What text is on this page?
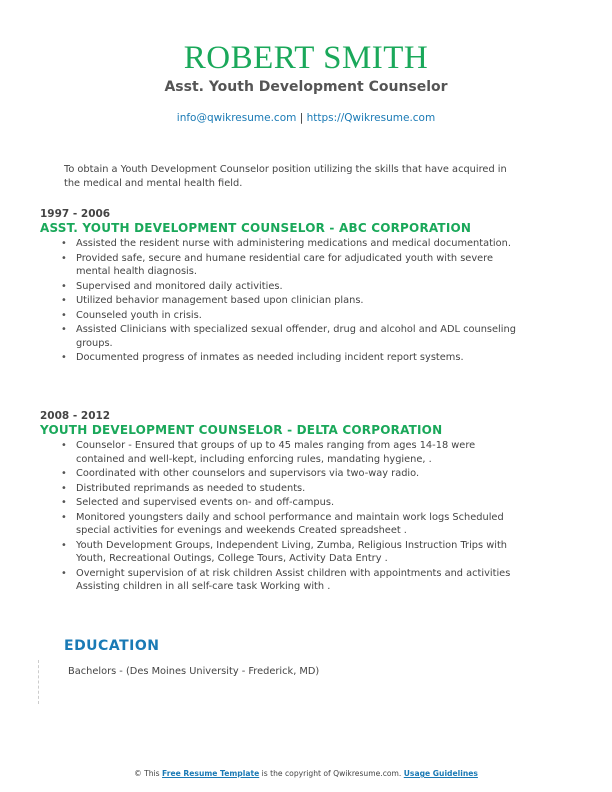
ROBERT SMITH
Asst. Youth Development Counselor
info@qwikresume.com | https://Qwikresume.com
To obtain a Youth Development Counselor position utilizing the skills that have acquired in the medical and mental health field.
1997 - 2006
ASST. YOUTH DEVELOPMENT COUNSELOR - ABC CORPORATION
• Assisted the resident nurse with administering medications and medical documentation.
• Provided safe, secure and humane residential care for adjudicated youth with severe mental health diagnosis.
• Supervised and monitored daily activities.
• Utilized behavior management based upon clinician plans.
• Counseled youth in crisis.
• Assisted Clinicians with specialized sexual offender, drug and alcohol and ADL counseling groups.
• Documented progress of inmates as needed including incident report systems.
2008 - 2012
YOUTH DEVELOPMENT COUNSELOR - DELTA CORPORATION
• Counselor - Ensured that groups of up to 45 males ranging from ages 14-18 were contained and well-kept, including enforcing rules, mandating hygiene, .
• Coordinated with other counselors and supervisors via two-way radio.
• Distributed reprimands as needed to students.
• Selected and supervised events on- and off-campus.
• Monitored youngsters daily and school performance and maintain work logs Scheduled special activities for evenings and weekends Created spreadsheet .
• Youth Development Groups, Independent Living, Zumba, Religious Instruction Trips with Youth, Recreational Outings, College Tours, Activity Data Entry .
• Overnight supervision of at risk children Assist children with appointments and activities Assisting children in all self-care task Working with .
EDUCATION
Bachelors - (Des Moines University - Frederick, MD)
© This Free Resume Template is the copyright of Qwikresume.com. Usage Guidelines
